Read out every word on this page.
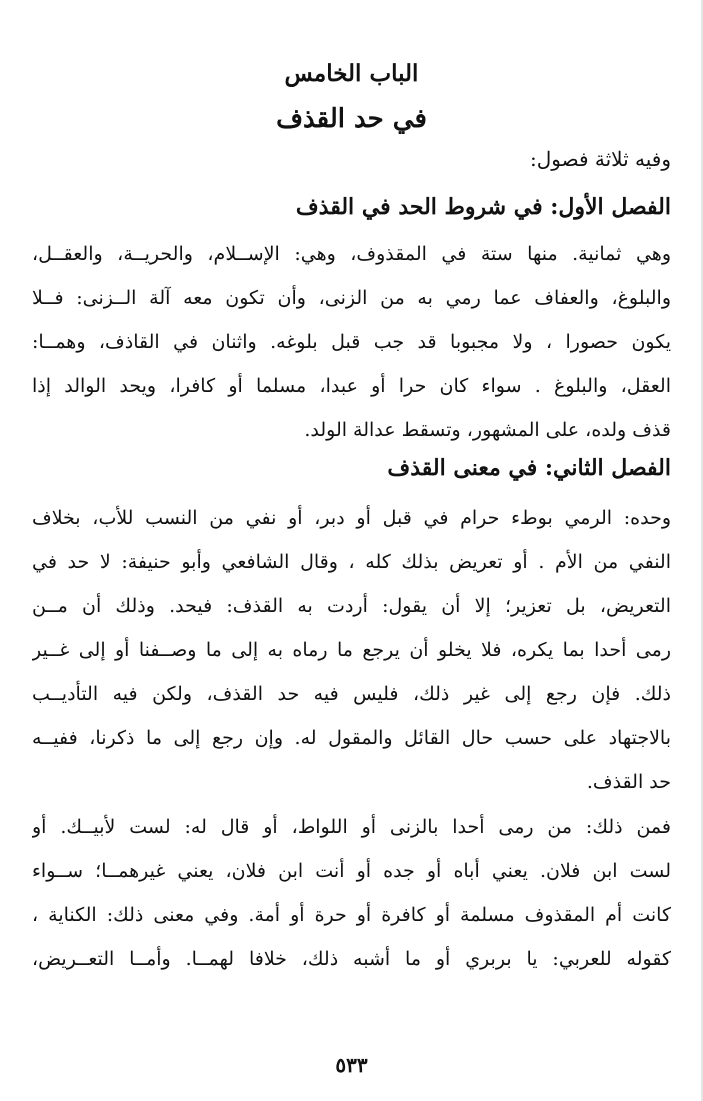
الباب الخامس
في حد القذف
وفيه ثلاثة فصول:
الفصل الأول: في شروط الحد في القذف
وهي ثمانية. منها ستة في المقذوف، وهي: الإســلام، والحريــة، والعقــل،
والبلوغ، والعفاف عما رمي به من الزنى، وأن تكون معه آلة الــزنى: فــلا
يكون حصورا ، ولا مجبوبا قد جب قبل بلوغه. واثنان في القاذف، وهمــا:
العقل، والبلوغ . سواء كان حرا أو عبدا، مسلما أو كافرا، ويحد الوالد إذا
قذف ولده، على المشهور، وتسقط عدالة الولد.
الفصل الثاني: في معنى القذف
وحده: الرمي بوطء حرام في قبل أو دبر، أو نفي من النسب للأب، بخلاف
النفي من الأم . أو تعريض بذلك كله ، وقال الشافعي وأبو حنيفة: لا حد في
التعريض، بل تعزير؛ إلا أن يقول: أردت به القذف: فيحد. وذلك أن مــن
رمى أحدا بما يكره، فلا يخلو أن يرجع ما رماه به إلى ما وصــفنا أو إلى غــير
ذلك. فإن رجع إلى غير ذلك، فليس فيه حد القذف، ولكن فيه التأديــب
بالاجتهاد على حسب حال القائل والمقول له. وإن رجع إلى ما ذكرنا، ففيــه
حد القذف.
فمن ذلك: من رمى أحدا بالزنى أو اللواط، أو قال له: لست لأبيــك. أو
لست ابن فلان. يعني أباه أو جده أو أنت ابن فلان، يعني غيرهمــا؛ ســواء
كانت أم المقذوف مسلمة أو كافرة أو حرة أو أمة. وفي معنى ذلك: الكناية ،
كقوله للعربي: يا بربري أو ما أشبه ذلك، خلافا لهمــا. وأمــا التعــريض،
٥٣٣
